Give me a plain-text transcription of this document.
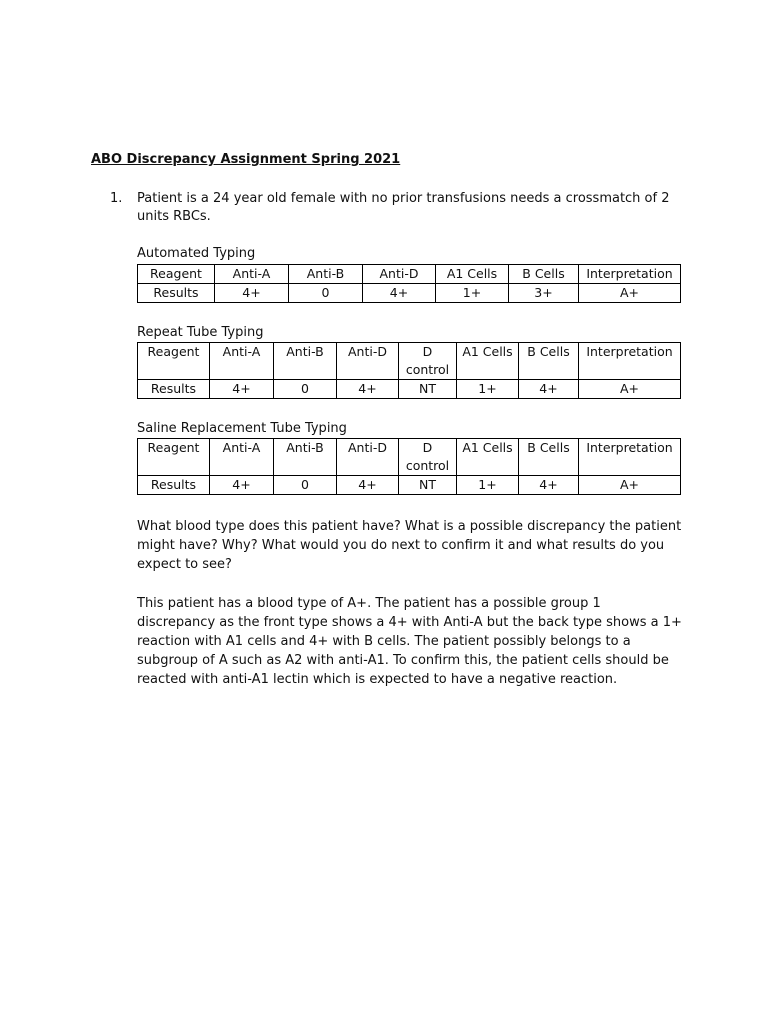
ABO Discrepancy Assignment Spring 2021
1. Patient is a 24 year old female with no prior transfusions needs a crossmatch of 2 units RBCs.
Automated Typing
Reagent	Anti-A	Anti-B	Anti-D	A1 Cells	B Cells	Interpretation
Results	4+	0	4+	1+	3+	A+
Repeat Tube Typing
Reagent	Anti-A	Anti-B	Anti-D	D control	A1 Cells	B Cells	Interpretation
Results	4+	0	4+	NT	1+	4+	A+
Saline Replacement Tube Typing
Reagent	Anti-A	Anti-B	Anti-D	D control	A1 Cells	B Cells	Interpretation
Results	4+	0	4+	NT	1+	4+	A+
What blood type does this patient have? What is a possible discrepancy the patient might have? Why? What would you do next to confirm it and what results do you expect to see?
This patient has a blood type of A+. The patient has a possible group 1 discrepancy as the front type shows a 4+ with Anti-A but the back type shows a 1+ reaction with A1 cells and 4+ with B cells. The patient possibly belongs to a subgroup of A such as A2 with anti-A1. To confirm this, the patient cells should be reacted with anti-A1 lectin which is expected to have a negative reaction.
